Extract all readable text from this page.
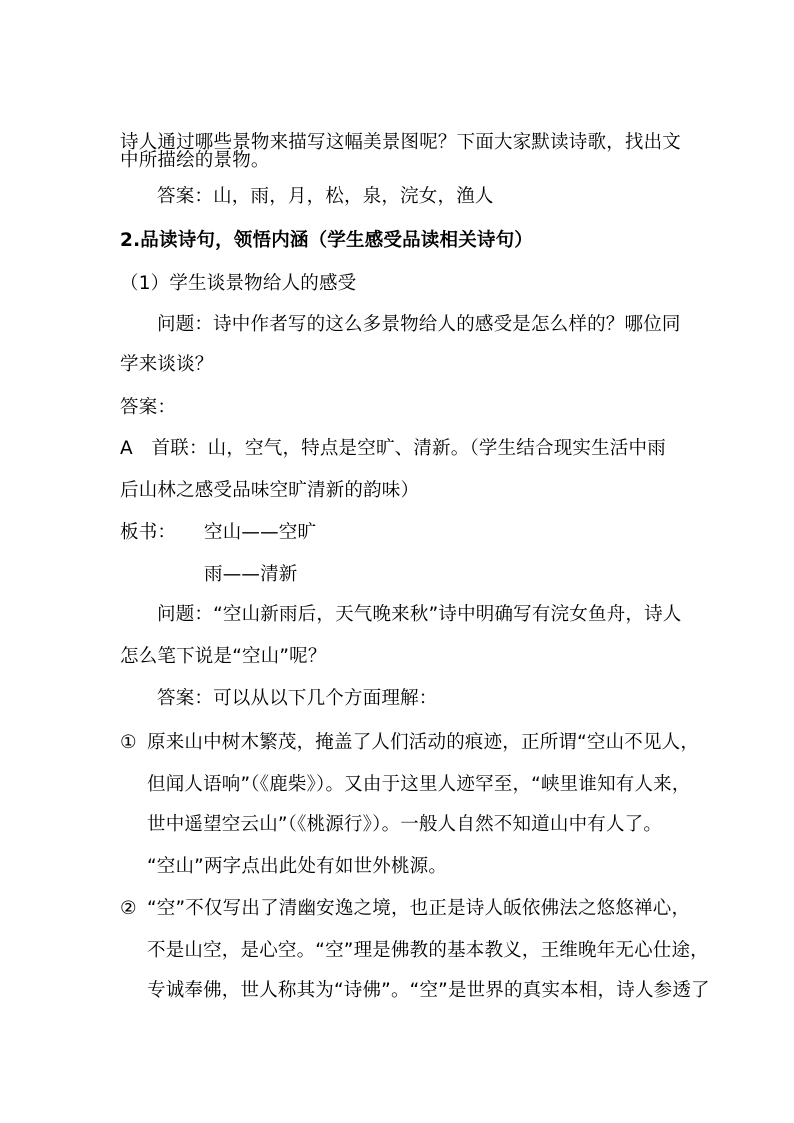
诗人通过哪些景物来描写这幅美景图呢？下面大家默读诗歌，找出文
中所描绘的景物。
答案：山，雨，月，松，泉，浣女，渔人
2.品读诗句，领悟内涵（学生感受品读相关诗句）
（1）学生谈景物给人的感受
问题：诗中作者写的这么多景物给人的感受是怎么样的？哪位同
学来谈谈？
答案：
A　首联：山，空气，特点是空旷、清新。（学生结合现实生活中雨
后山林之感受品味空旷清新的韵味）
板书： 空山——空旷
雨——清新
问题：“空山新雨后，天气晚来秋”诗中明确写有浣女鱼舟，诗人
怎么笔下说是“空山”呢？
答案：可以从以下几个方面理解：
① 原来山中树木繁茂，掩盖了人们活动的痕迹，正所谓“空山不见人，
但闻人语响”（《鹿柴》）。又由于这里人迹罕至，“峡里谁知有人来，
世中遥望空云山”（《桃源行》）。一般人自然不知道山中有人了。
“空山”两字点出此处有如世外桃源。
② “空”不仅写出了清幽安逸之境，也正是诗人皈依佛法之悠悠禅心，
不是山空，是心空。“空”理是佛教的基本教义，王维晚年无心仕途，
专诚奉佛，世人称其为“诗佛”。“空”是世界的真实本相，诗人参透了
